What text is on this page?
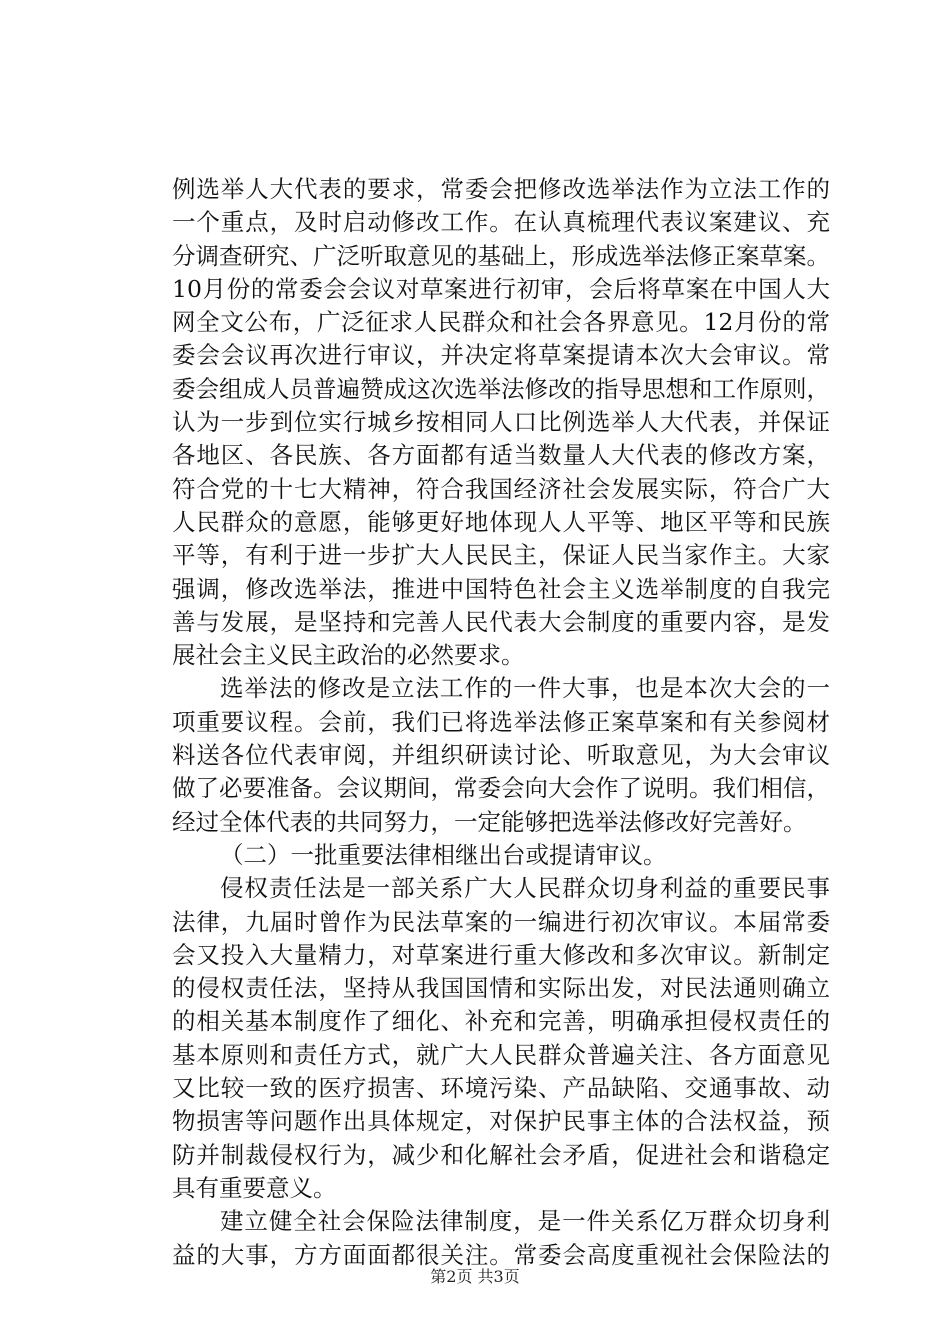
例选举人大代表的要求，常委会把修改选举法作为立法工作的
一个重点，及时启动修改工作。在认真梳理代表议案建议、充
分调查研究、广泛听取意见的基础上，形成选举法修正案草案。
10月份的常委会会议对草案进行初审，会后将草案在中国人大
网全文公布，广泛征求人民群众和社会各界意见。12月份的常
委会会议再次进行审议，并决定将草案提请本次大会审议。常
委会组成人员普遍赞成这次选举法修改的指导思想和工作原则，
认为一步到位实行城乡按相同人口比例选举人大代表，并保证
各地区、各民族、各方面都有适当数量人大代表的修改方案，
符合党的十七大精神，符合我国经济社会发展实际，符合广大
人民群众的意愿，能够更好地体现人人平等、地区平等和民族
平等，有利于进一步扩大人民民主，保证人民当家作主。大家
强调，修改选举法，推进中国特色社会主义选举制度的自我完
善与发展，是坚持和完善人民代表大会制度的重要内容，是发
展社会主义民主政治的必然要求。
选举法的修改是立法工作的一件大事，也是本次大会的一
项重要议程。会前，我们已将选举法修正案草案和有关参阅材
料送各位代表审阅，并组织研读讨论、听取意见，为大会审议
做了必要准备。会议期间，常委会向大会作了说明。我们相信，
经过全体代表的共同努力，一定能够把选举法修改好完善好。
（二）一批重要法律相继出台或提请审议。
侵权责任法是一部关系广大人民群众切身利益的重要民事
法律，九届时曾作为民法草案的一编进行初次审议。本届常委
会又投入大量精力，对草案进行重大修改和多次审议。新制定
的侵权责任法，坚持从我国国情和实际出发，对民法通则确立
的相关基本制度作了细化、补充和完善，明确承担侵权责任的
基本原则和责任方式，就广大人民群众普遍关注、各方面意见
又比较一致的医疗损害、环境污染、产品缺陷、交通事故、动
物损害等问题作出具体规定，对保护民事主体的合法权益，预
防并制裁侵权行为，减少和化解社会矛盾，促进社会和谐稳定
具有重要意义。
建立健全社会保险法律制度，是一件关系亿万群众切身利
益的大事，方方面面都很关注。常委会高度重视社会保险法的
第2页 共3页
